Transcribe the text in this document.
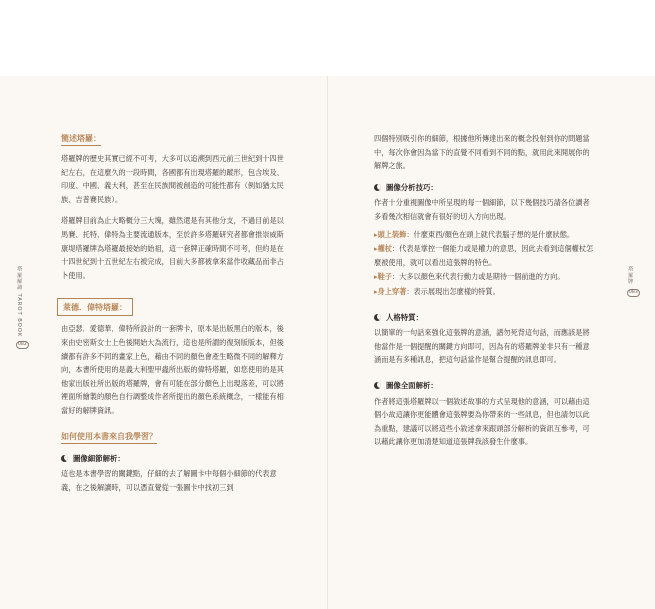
塔羅解讀 TAROT BOOK
082
塔羅牌
083
簡述塔羅：

塔羅牌的歷史其實已經不可考，大多可以追溯到西元前三世紀到十四世紀左右，在這麼久的一段時間，各國都有出現塔羅的蹤形，包含埃及、印度、中國、義大利，甚至在民族間被創造的可能性都有（例如猶太民族、吉普賽民族）。

塔羅牌目前為止大略概分三大塊，雖然還是有其他分支，不過目前是以馬賽、托特、偉特為主要流通版本，至於許多塔羅研究者都會推崇威斯康堤塔羅牌為塔羅最接始的始祖，這一套牌正確時間不可考，但約是在十四世紀到十五世紀左右被完成，目前大多都被拿來當作收藏品而非占卜使用。

萊德．偉特塔羅：

由亞瑟．愛德華．偉特所設計的一套牌卡，原本是出版黑白的版本，後來由史密斯女士上色後開始大為流行，這也是所謂的復刻版版本，但後續都有許多不同的畫家上色，藉由不同的顏色會產生略微不同的解釋方向，本書所使用的是義大利聖甲蟲所出版的偉特塔羅，如您使用的是其他家出版社所出版的塔羅牌，會有可能在部分顏色上出現落差，可以將裡面所繪製的顏色自行調整成作者所提出的顏色系統概念，一樣能有相當好的解牌資訊。

如何使用本書來自我學習？
圖像細節解析：

這也是本書學習的關鍵點，仔細的去了解圖卡中每個小細節的代表意義，在之後解讀時，可以憑直覺從一張圖卡中找初三到

四個特別吸引你的細節，根據他所傳達出來的概念投射到你的問題當中，每次你會因為當下的直覺不同看到不同的點，就用此來開展你的解牌之旅。

圖像分析技巧：

作者十分重視圖像中所呈現的每一個細節，以下幾個技巧請各位讀者多看幾次相信就會有很好的切入方向出現。

▸頭上裝飾：什麼東西/顏色在頭上就代表腦子想的是什麼狀態。
▸權杖：代表是掌控一個能力或是權力的意思，因此去看到這個權杖怎麼被使用，就可以看出這張牌的特色。
▸鞋子：大多以顏色來代表行動力或是期待一個前進的方向。
▸身上穿著：表示展現出怎麼樣的特質。
人格特質：

以簡單的一句話來強化這張牌的意涵，譜勿死背這句話，而應該是將他當作是一個提醒的關鍵方向即可，因為有的塔羅牌並非只有一種意涵而是有多種訊息，把這句話當作是幫合提醒的訊息即可。

圖像全面解析：

作者將這張塔羅牌以一個敘述故事的方式呈現他的意涵，可以藉由這個小故這讓你更能體會這張牌要為你帶來的一些訊息，但也請勿以此為重點，建議可以將這些小敘述拿來跟頭部分解析的資訊互參考，可以藉此讓你更加清楚知道這張牌我該發生什麼事。
